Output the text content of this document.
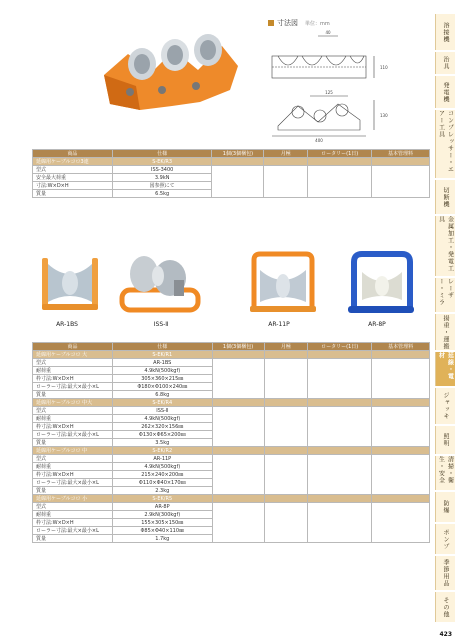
寸法図 単位：mm
40
110
125
130
400
商品	仕様	1個(3個梱包)	月極	ロータリー(1日)	基本管理料
延線用ケーブルコロ3連	S-EK/R3				
型式	ISS-3400				
安全最大荷重	3.9kN				
寸法:W×D×H	図参照にて				
質量	6.5kg				
AR-1BS	ISS-Ⅱ	AR-11P	AR-8P
商品	仕様	1個(3個梱包)	月極	ロータリー(1日)	基本管理料
延線用ケーブルコロ 大	S-EK/R1				
型式	AR-1BS				
耐荷重	4.9kN(500kgf)				
枠寸法:W×D×H	305×360×215㎜				
ローラー寸法:最大×最小×L	Φ180×Φ100×240㎜				
質量	6.8kg				
延線用ケーブルコロ 中大	S-EK/R4				
型式	ISS-Ⅱ				
耐荷重	4.9kN(500kgf)				
枠寸法:W×D×H	262×320×156㎜				
ローラー寸法:最大×最小×L	Φ130×Φ65×200㎜				
質量	3.5kg				
延線用ケーブルコロ 中	S-EK/R2				
型式	AR-11P				
耐荷重	4.9kN(500kgf)				
枠寸法:W×D×H	215×240×200㎜				
ローラー寸法:最大×最小×L	Φ110×Φ40×170㎜				
質量	2.3kg				
延線用ケーブルコロ 小	S-EK/R5				
型式	AR-8P				
耐荷重	2.9kN(300kgf)				
枠寸法:W×D×H	155×305×150㎜				
ローラー寸法:最大×最小×L	Φ85×Φ40×110㎜				
質量	1.7kg				
溶接機
治具
発電機
コンプレッサー・エアー工具
切断機
金属加工・発電工具
レーザー・ミラ
揚重・運搬
延線・電材
ジャッキ
照明
清掃・衛生・安全
防爆
ポンプ
季節用品
その他
423
